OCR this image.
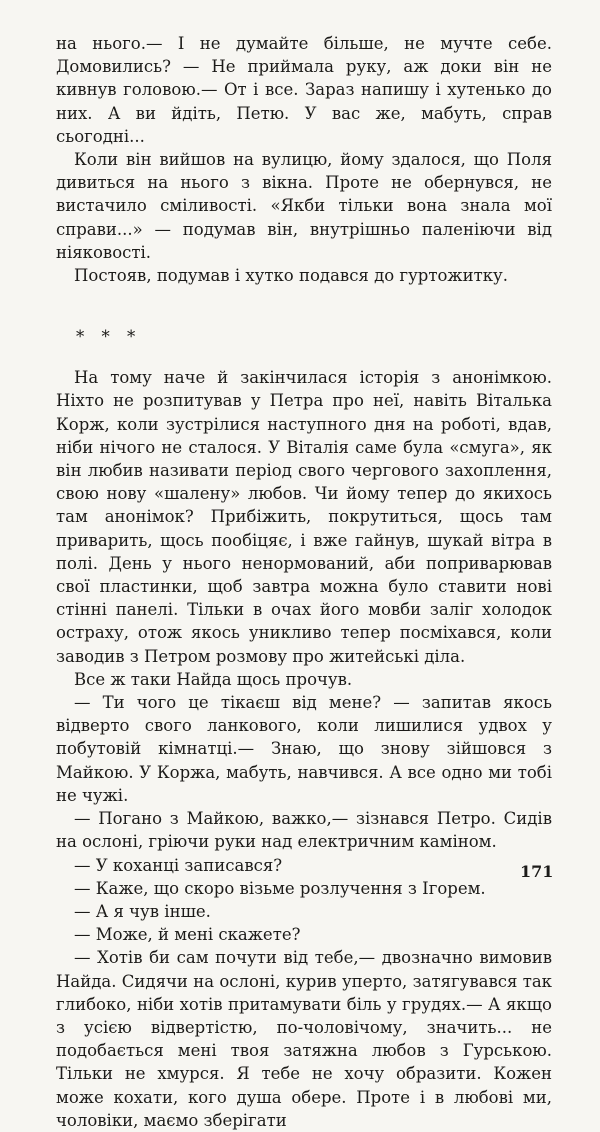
на нього.— І не думайте більше, не мучте себе. Домовились? — Не приймала руку, аж доки він не кивнув головою.— От і все. Зараз напишу і хутенько до них. А ви йдіть, Петю. У вас же, мабуть, справ сьогодні...

Коли він вийшов на вулицю, йому здалося, що Поля дивиться на нього з вікна. Проте не обернувся, не вистачило сміливості. «Якби тільки вона знала мої справи...» — подумав він, внутрішньо паленіючи від ніяковості.

Постояв, подумав і хутко подався до гуртожитку.

* * *

На тому наче й закінчилася історія з анонімкою. Ніхто не розпитував у Петра про неї, навіть Віталька Корж, коли зустрілися наступного дня на роботі, вдав, ніби нічого не сталося. У Віталія саме була «смуга», як він любив називати період свого чергового захоплення, свою нову «шалену» любов. Чи йому тепер до якихось там анонімок? Прибіжить, покрутиться, щось там приварить, щось пообіцяє, і вже гайнув, шукай вітра в полі. День у нього ненормований, аби поприварював свої пластинки, щоб завтра можна було ставити нові стінні панелі. Тільки в очах його мовби заліг холодок остраху, отож якось уникливо тепер посміхався, коли заводив з Петром розмову про житейські діла.

Все ж таки Найда щось прочув.

— Ти чого це тікаєш від мене? — запитав якось відверто свого ланкового, коли лишилися удвох у побутовій кімнатці.— Знаю, що знову зійшовся з Майкою. У Коржа, мабуть, навчився. А все одно ми тобі не чужі.

— Погано з Майкою, важко,— зізнався Петро. Сидів на ослоні, гріючи руки над електричним каміном.

— У коханці записався?

— Каже, що скоро візьме розлучення з Ігорем.

— А я чув інше.

— Може, й мені скажете?

— Хотів би сам почути від тебе,— двозначно вимовив Найда. Сидячи на ослоні, курив уперто, затягувався так глибоко, ніби хотів притамувати біль у грудях.— А якщо з усією відвертістю, по-чоловічому, значить... не подобається мені твоя затяжна любов з Гурською. Тільки не хмурся. Я тебе не хочу образити. Кожен може кохати, кого душа обере. Проте і в любові ми, чоловіки, маємо зберігати

171
